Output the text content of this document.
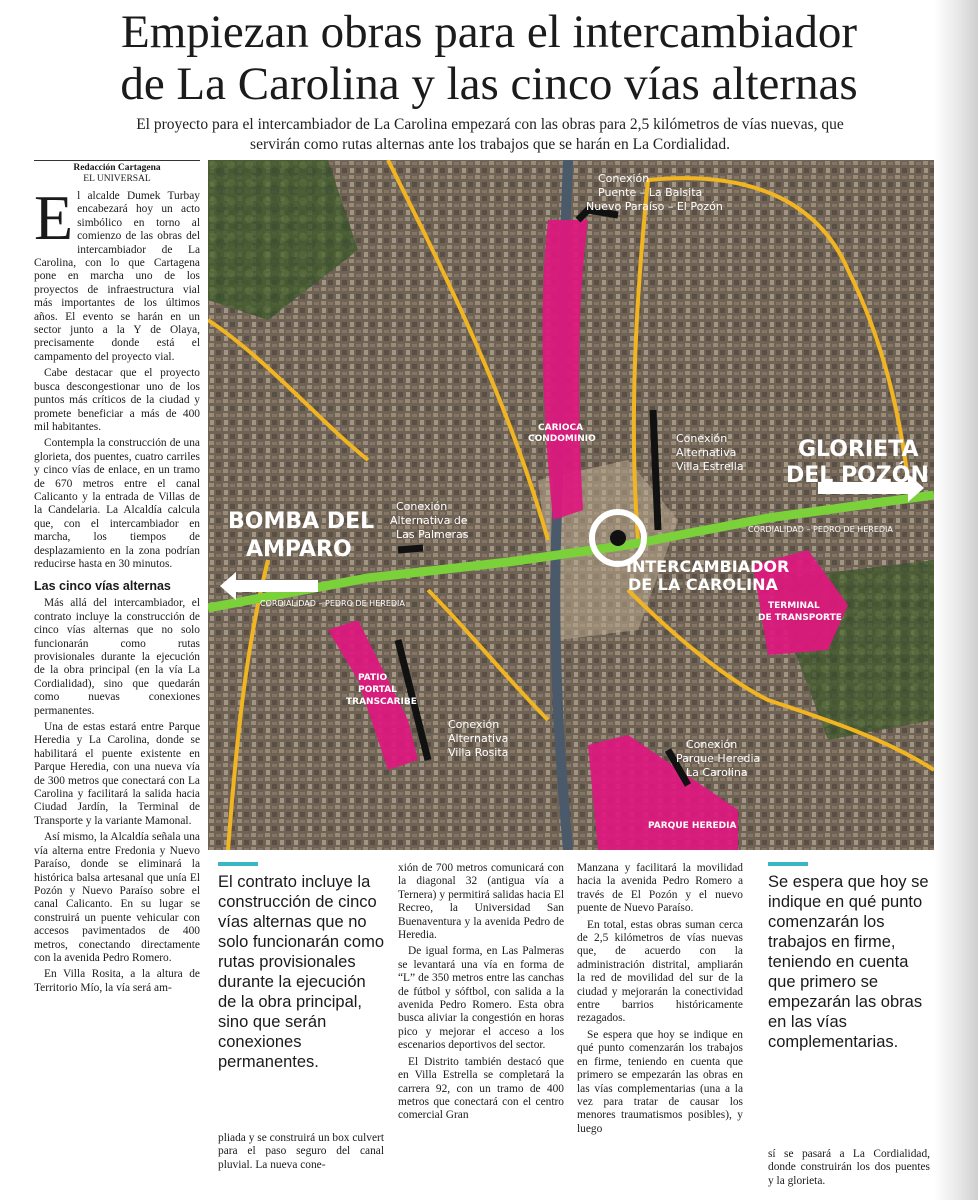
Empiezan obras para el intercambiador
de La Carolina y las cinco vías alternas
El proyecto para el intercambiador de La Carolina empezará con las obras para 2,5 kilómetros de vías nuevas, que
servirán como rutas alternas ante los trabajos que se harán en La Cordialidad.
Redacción Cartagena
EL UNIVERSAL

El alcalde Dumek Turbay encabezará hoy un acto simbólico en torno al comienzo de las obras del intercambiador de La Carolina, con lo que Cartagena pone en marcha uno de los proyectos de infraestructura vial más importantes de los últimos años. El evento se harán en un sector junto a la Y de Olaya, precisamente donde está el campamento del proyecto vial.

Cabe destacar que el proyecto busca descongestionar uno de los puntos más críticos de la ciudad y promete beneficiar a más de 400 mil habitantes.

Contempla la construcción de una glorieta, dos puentes, cuatro carriles y cinco vías de enlace, en un tramo de 670 metros entre el canal Calicanto y la entrada de Villas de la Candelaria. La Alcaldía calcula que, con el intercambiador en marcha, los tiempos de desplazamiento en la zona podrían reducirse hasta en 30 minutos.

Las cinco vías alternas

Más allá del intercambiador, el contrato incluye la construcción de cinco vías alternas que no solo funcionarán como rutas provisionales durante la ejecución de la obra principal (en la vía La Cordialidad), sino que quedarán como nuevas conexiones permanentes.

Una de estas estará entre Parque Heredia y La Carolina, donde se habilitará el puente existente en Parque Heredia, con una nueva vía de 300 metros que conectará con La Carolina y facilitará la salida hacia Ciudad Jardín, la Terminal de Transporte y la variante Mamonal.

Así mismo, la Alcaldía señala una vía alterna entre Fredonia y Nuevo Paraíso, donde se eliminará la histórica balsa artesanal que unía El Pozón y Nuevo Paraíso sobre el canal Calicanto. En su lugar se construirá un puente vehicular con accesos pavimentados de 400 metros, conectando directamente con la avenida Pedro Romero.

En Villa Rosita, a la altura de Territorio Mío, la vía será am-

BOMBA DEL
AMPARO
GLORIETA
DEL POZÓN
CORDIALIDAD – PEDRO DE HEREDIA
CORDIALIDAD – PEDRO DE HEREDIA
INTERCAMBIADOR
DE LA CAROLINA
Conexión
Puente – La Balsita
Nuevo Paraíso – El Pozón
Conexión
Alternativa
Villa Estrella
Conexión
Alternativa de
Las Palmeras
Conexión
Alternativa
Villa Rosita
Conexión
Parque Heredia
La Carolina
CARIOCA
CONDOMINIO
TERMINAL
DE TRANSPORTE
PATIO
PORTAL
TRANSCARIBE
PARQUE HEREDIA
El contrato incluye la construcción de cinco vías alternas que no solo funcionarán como rutas provisionales durante la ejecución de la obra principal, sino que serán conexiones permanentes.

pliada y se construirá un box culvert para el paso seguro del canal pluvial. La nueva cone-

xión de 700 metros comunicará con la diagonal 32 (antigua vía a Ternera) y permitirá salidas hacia El Recreo, la Universidad San Buenaventura y la avenida Pedro de Heredia.

De igual forma, en Las Palmeras se levantará una vía en forma de “L” de 350 metros entre las canchas de fútbol y sóftbol, con salida a la avenida Pedro Romero. Esta obra busca aliviar la congestión en horas pico y mejorar el acceso a los escenarios deportivos del sector.

El Distrito también destacó que en Villa Estrella se completará la carrera 92, con un tramo de 400 metros que conectará con el centro comercial Gran

Manzana y facilitará la movilidad hacia la avenida Pedro Romero a través de El Pozón y el nuevo puente de Nuevo Paraíso.

En total, estas obras suman cerca de 2,5 kilómetros de vías nuevas que, de acuerdo con la administración distrital, ampliarán la red de movilidad del sur de la ciudad y mejorarán la conectividad entre barrios históricamente rezagados.

Se espera que hoy se indique en qué punto comenzarán los trabajos en firme, teniendo en cuenta que primero se empezarán las obras en las vías complementarias (una a la vez para tratar de causar los menores traumatismos posibles), y luego

Se espera que hoy se indique en qué punto comenzarán los trabajos en firme, teniendo en cuenta que primero se empezarán las obras en las vías complementarias.

sí se pasará a La Cordialidad, donde construirán los dos puentes y la glorieta.
